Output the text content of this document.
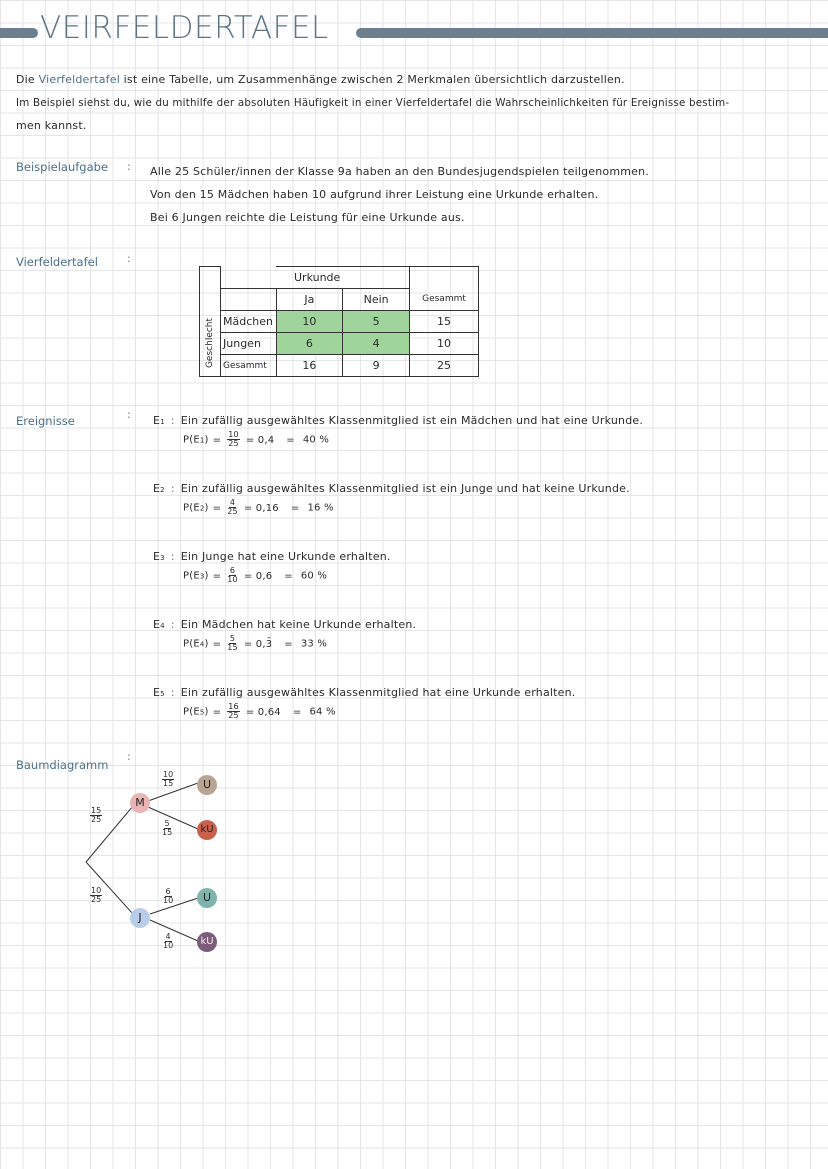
VEIRFELDERTAFEL
Die Vierfeldertafel ist eine Tabelle, um Zusammenhänge zwischen 2 Merkmalen übersichtlich darzustellen.
Im Beispiel siehst du, wie du mithilfe der absoluten Häufigkeit in einer Vierfeldertafel die Wahrscheinlichkeiten für Ereignisse bestim-
men kannst.
Beispielaufgabe : Alle 25 Schüler/innen der Klasse 9a haben an den Bundesjugendspielen teilgenommen.
Von den 15 Mädchen haben 10 aufgrund ihrer Leistung eine Urkunde erhalten.
Bei 6 Jungen reichte die Leistung für eine Urkunde aus.
Vierfeldertafel	:
		Urkunde		
		Ja	Nein	Gesammt

Geschlecht	Mädchen	10	5	15
	Jungen	6	4	10
	Gesammt	16	9	25
Ereignisse	: E1 : Ein zufällig ausgewähltes Klassenmitglied ist ein Mädchen und hat eine Urkunde.
$P(E1) = \frac{10}{25} = 0,4 = 40$ %
E2 : Ein zufällig ausgewähltes Klassenmitglied ist ein Junge und hat keine Urkunde.
$P(E2) = \frac{4}{25} = 0,16 = 16$ %
E3 : Ein Junge hat eine Urkunde erhalten.
$P(E3) = \frac{6}{10} = 0,6 = 60$ %
E4 : Ein Mädchen hat keine Urkunde erhalten.
$P(E4) = \frac{5}{15}$ = 0,3̄ = 33 %
E5 : Ein zufällig ausgewähltes Klassenmitglied hat eine Urkunde erhalten.
$P(E5) = \frac{16}{25} = 0,64 = 64$ %
Baumdiagramm
:
M
J
U
kU
U
kU
$\frac{15}{25}$
$\frac{10}{25}$
$\frac{10}{15}$
$\frac{5}{15}$
$\frac{6}{10}$
$\frac{4}{10}$
